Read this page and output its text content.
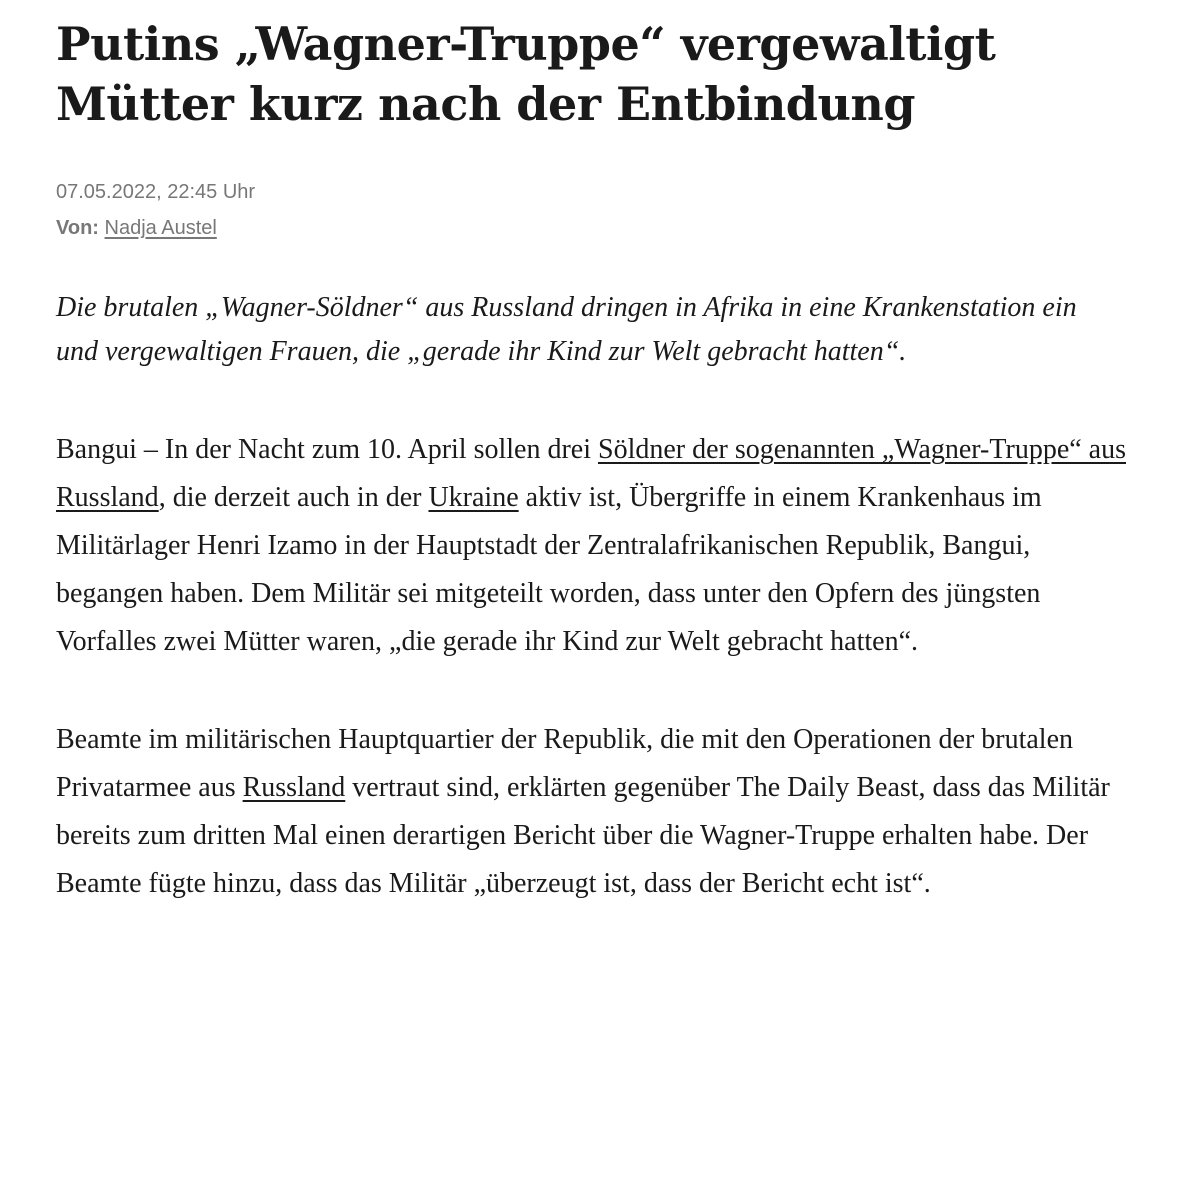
Putins „Wagner-Truppe“ vergewaltigt Mütter kurz nach der Entbindung
07.05.2022, 22:45 Uhr
Von: Nadja Austel

Die brutalen „Wagner-Söldner“ aus Russland dringen in Afrika in eine Krankenstation ein und vergewaltigen Frauen, die „gerade ihr Kind zur Welt gebracht hatten“.

Bangui – In der Nacht zum 10. April sollen drei Söldner der sogenannten „Wagner-Truppe“ aus Russland, die derzeit auch in der Ukraine aktiv ist, Übergriffe in einem Krankenhaus im Militärlager Henri Izamo in der Hauptstadt der Zentralafrikanischen Republik, Bangui, begangen haben. Dem Militär sei mitgeteilt worden, dass unter den Opfern des jüngsten Vorfalles zwei Mütter waren, „die gerade ihr Kind zur Welt gebracht hatten“.

Beamte im militärischen Hauptquartier der Republik, die mit den Operationen der brutalen Privatarmee aus Russland vertraut sind, erklärten gegenüber The Daily Beast, dass das Militär bereits zum dritten Mal einen derartigen Bericht über die Wagner-Truppe erhalten habe. Der Beamte fügte hinzu, dass das Militär „überzeugt ist, dass der Bericht echt ist“.
